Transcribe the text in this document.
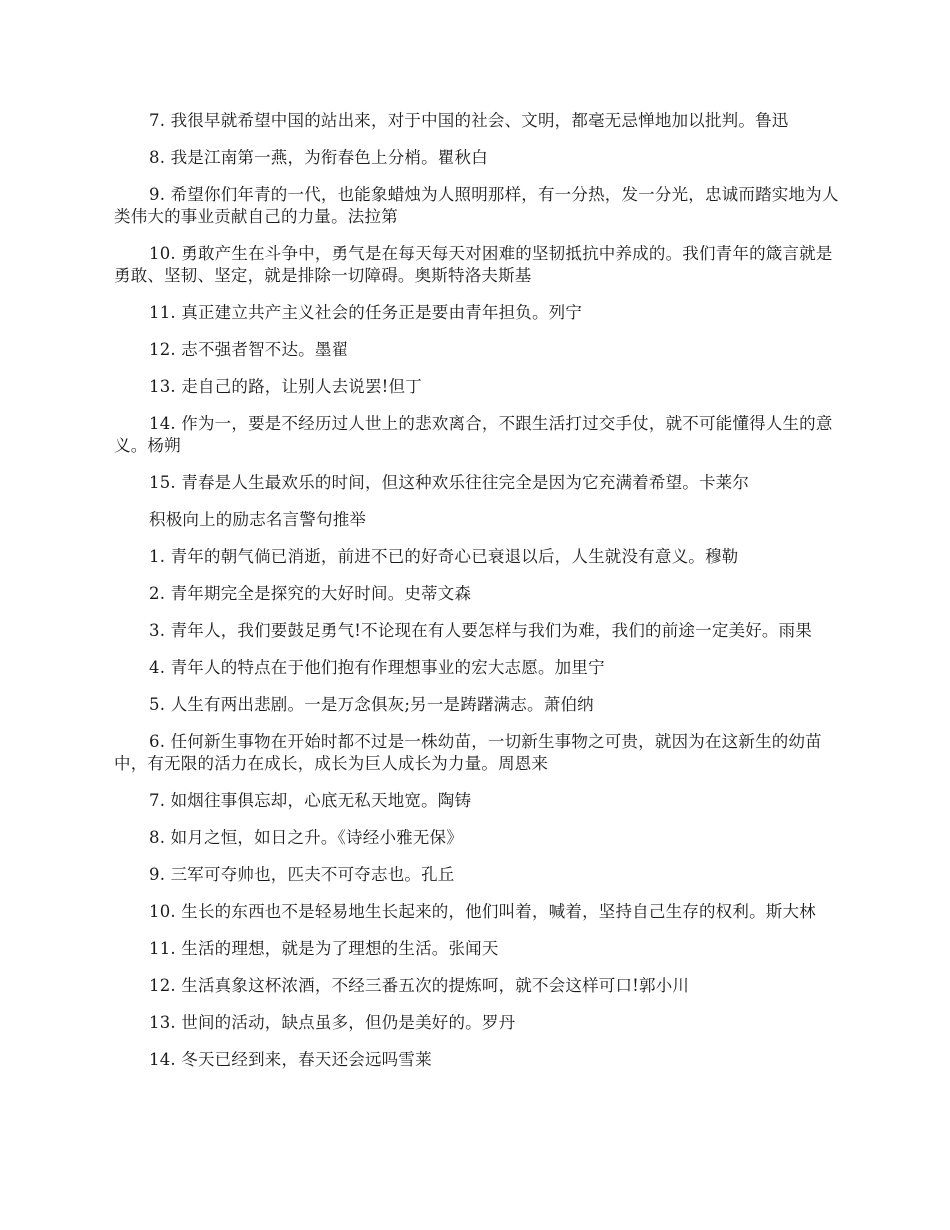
7. 我很早就希望中国的站出来，对于中国的社会、文明，都毫无忌惮地加以批判。鲁迅

8. 我是江南第一燕，为衔春色上分梢。瞿秋白

9. 希望你们年青的一代，也能象蜡烛为人照明那样，有一分热，发一分光，忠诚而踏实地为人类伟大的事业贡献自己的力量。法拉第

10. 勇敢产生在斗争中，勇气是在每天每天对困难的坚韧抵抗中养成的。我们青年的箴言就是勇敢、坚韧、坚定，就是排除一切障碍。奥斯特洛夫斯基

11. 真正建立共产主义社会的任务正是要由青年担负。列宁

12. 志不强者智不达。墨翟

13. 走自己的路，让别人去说罢!但丁

14. 作为一，要是不经历过人世上的悲欢离合，不跟生活打过交手仗，就不可能懂得人生的意义。杨朔

15. 青春是人生最欢乐的时间，但这种欢乐往往完全是因为它充满着希望。卡莱尔

积极向上的励志名言警句推举

1. 青年的朝气倘已消逝，前进不已的好奇心已衰退以后，人生就没有意义。穆勒

2. 青年期完全是探究的大好时间。史蒂文森

3. 青年人，我们要鼓足勇气!不论现在有人要怎样与我们为难，我们的前途一定美好。雨果

4. 青年人的特点在于他们抱有作理想事业的宏大志愿。加里宁

5. 人生有两出悲剧。一是万念俱灰;另一是踌躇满志。萧伯纳

6. 任何新生事物在开始时都不过是一株幼苗，一切新生事物之可贵，就因为在这新生的幼苗中，有无限的活力在成长，成长为巨人成长为力量。周恩来

7. 如烟往事俱忘却，心底无私天地宽。陶铸

8. 如月之恒，如日之升。《诗经小雅无保》

9. 三军可夺帅也，匹夫不可夺志也。孔丘

10. 生长的东西也不是轻易地生长起来的，他们叫着，喊着，坚持自己生存的权利。斯大林

11. 生活的理想，就是为了理想的生活。张闻天

12. 生活真象这杯浓酒，不经三番五次的提炼呵，就不会这样可口!郭小川

13. 世间的活动，缺点虽多，但仍是美好的。罗丹

14. 冬天已经到来，春天还会远吗雪莱
